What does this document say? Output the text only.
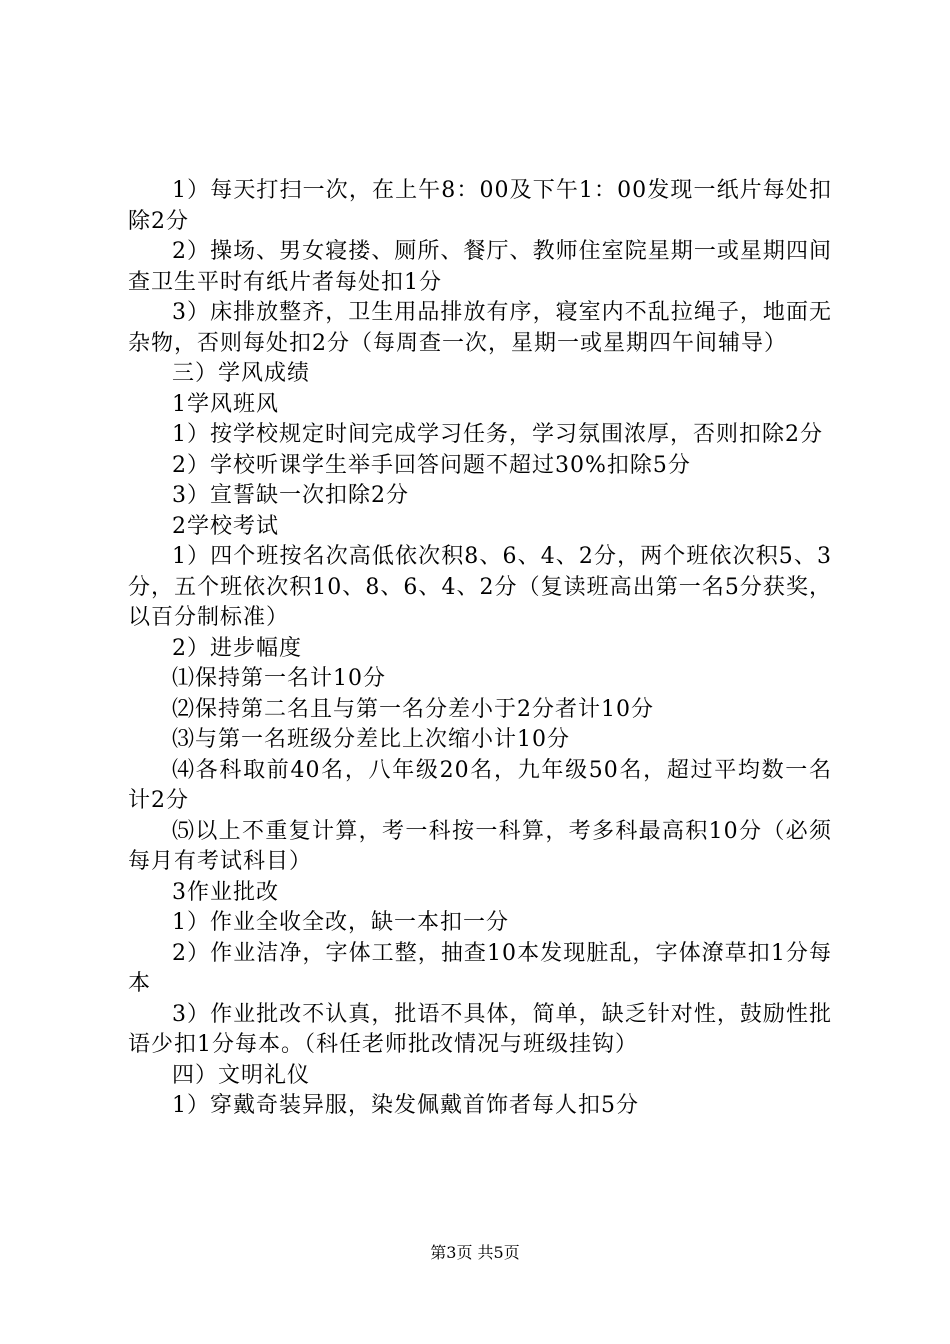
1）每天打扫一次，在上午8：00及下午1：00发现一纸片每处扣除2分

2）操场、男女寝搂、厕所、餐厅、教师住室院星期一或星期四间查卫生平时有纸片者每处扣1分

3）床排放整齐，卫生用品排放有序，寝室内不乱拉绳子，地面无杂物，否则每处扣2分（每周查一次，星期一或星期四午间辅导）

三）学风成绩

1学风班风

1）按学校规定时间完成学习任务，学习氛围浓厚，否则扣除2分

2）学校听课学生举手回答问题不超过30%扣除5分

3）宣誓缺一次扣除2分

2学校考试

1）四个班按名次高低依次积8、6、4、2分，两个班依次积5、3分，五个班依次积10、8、6、4、2分（复读班高出第一名5分获奖，以百分制标准）

2）进步幅度

⑴保持第一名计10分

⑵保持第二名且与第一名分差小于2分者计10分

⑶与第一名班级分差比上次缩小计10分

⑷各科取前40名，八年级20名，九年级50名，超过平均数一名计2分

⑸以上不重复计算，考一科按一科算，考多科最高积10分（必须每月有考试科目）

3作业批改

1）作业全收全改，缺一本扣一分

2）作业洁净，字体工整，抽查10本发现脏乱，字体潦草扣1分每本

3）作业批改不认真，批语不具体，简单，缺乏针对性，鼓励性批语少扣1分每本。（科任老师批改情况与班级挂钩）

四）文明礼仪

1）穿戴奇装异服，染发佩戴首饰者每人扣5分

第3页 共5页
